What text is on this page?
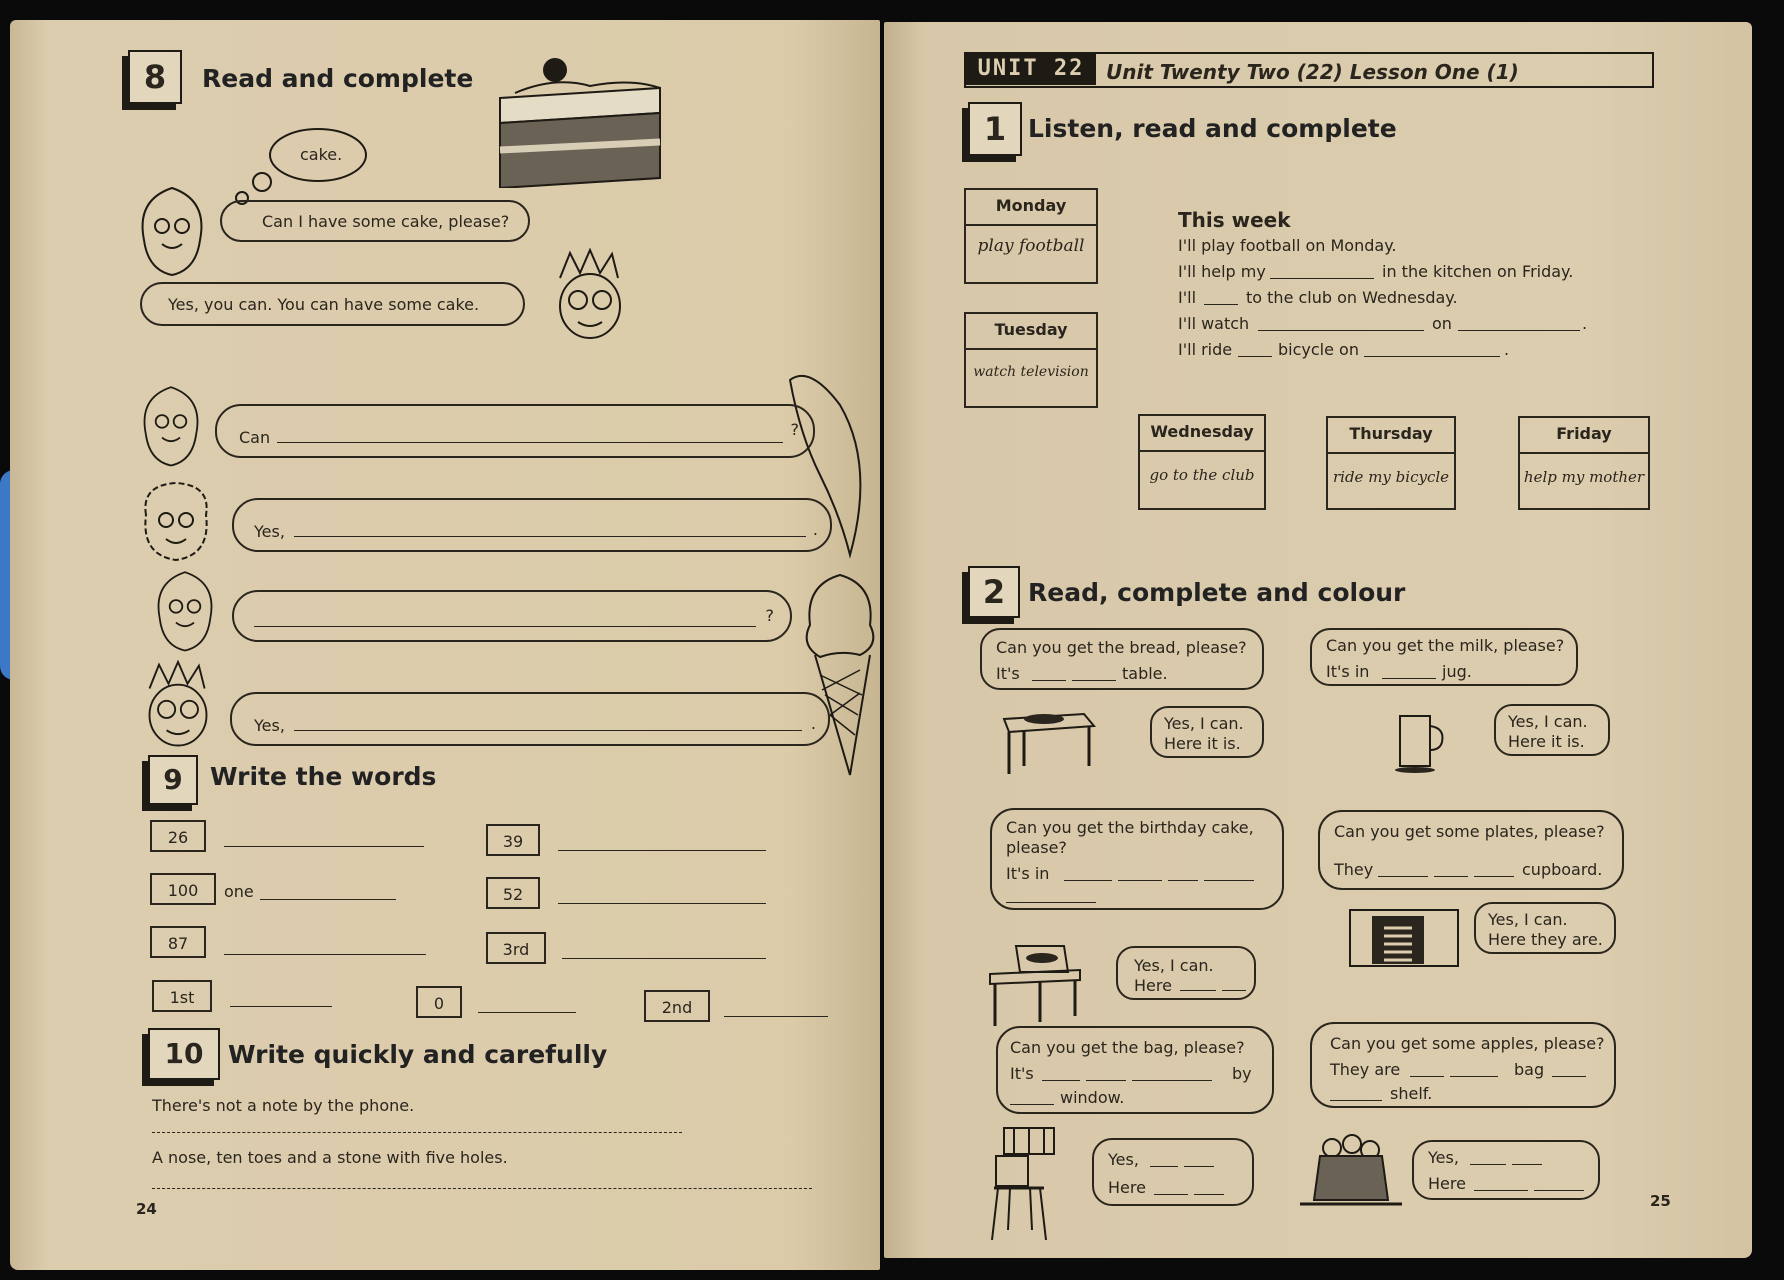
8	Read and complete
cake.
Can I have some cake, please?
Yes, you can. You can have some cake.
Can	?
Yes,	.
?
Yes,	.
9	Write the words
26	39
100	one	52
87	3rd
1st	0	2nd
10 Write quickly and carefully
There's not a note by the phone.
A nose, ten toes and a stone with five holes.
24
UNIT 22	Unit Twenty Two (22) Lesson One (1)
1 Listen, read and complete
Monday
play football
Tuesday
watch television
Wednesday
go to the club
Thursday
ride my bicycle
Friday
help my mother
This week
I'll play football on Monday.
I'll help my	in the kitchen on Friday.
I'll	to the club on Wednesday.
I'll watch	on	.
I'll ride	bicycle on	.
2 Read, complete and colour
Can you get the bread, please?
It's	table.
Yes, I can.
Here it is.
Can you get the milk, please?
It's in	jug.
Yes, I can.
Here it is.
Can you get the birthday cake,
please?
It's in
Yes, I can.
Here
Can you get some plates, please?
They	cupboard.
Yes, I can.
Here they are.
Can you get the bag, please?
It's	by
window.
Yes,
Here
Can you get some apples, please?
They are	bag
shelf.
Yes,
Here
25
